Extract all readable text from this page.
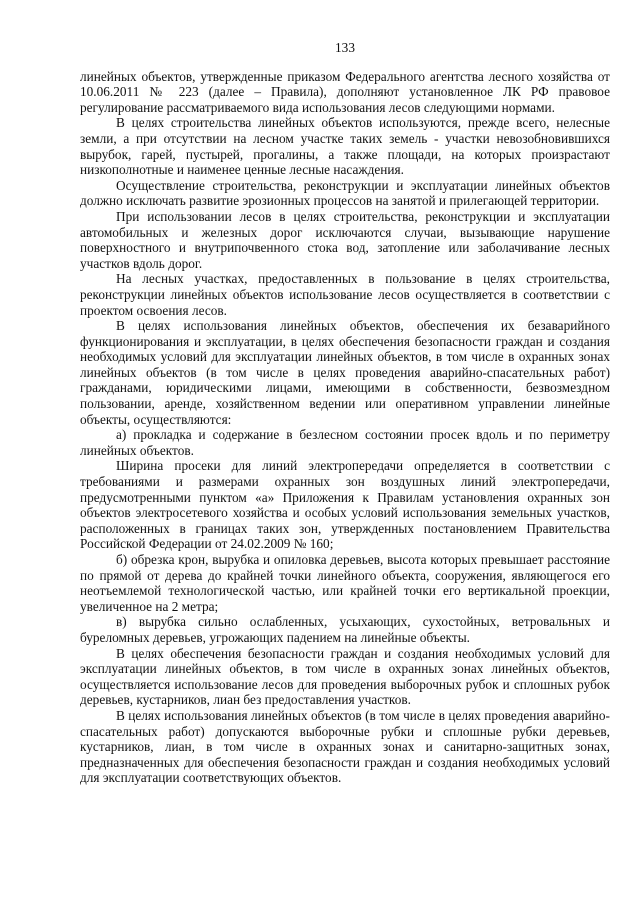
133

линейных объектов, утвержденные приказом Федерального агентства лесного хозяйства от 10.06.2011 № 223 (далее – Правила), дополняют установленное ЛК РФ правовое регулирование рассматриваемого вида использования лесов следующими нормами.

В целях строительства линейных объектов используются, прежде всего, нелесные земли, а при отсутствии на лесном участке таких земель - участки невозобновившихся вырубок, гарей, пустырей, прогалины, а также площади, на которых произрастают низкополнотные и наименее ценные лесные насаждения.

Осуществление строительства, реконструкции и эксплуатации линейных объектов должно исключать развитие эрозионных процессов на занятой и прилегающей территории.

При использовании лесов в целях строительства, реконструкции и эксплуатации автомобильных и железных дорог исключаются случаи, вызывающие нарушение поверхностного и внутрипочвенного стока вод, затопление или заболачивание лесных участков вдоль дорог.

На лесных участках, предоставленных в пользование в целях строительства, реконструкции линейных объектов использование лесов осуществляется в соответствии с проектом освоения лесов.

В целях использования линейных объектов, обеспечения их безаварийного функционирования и эксплуатации, в целях обеспечения безопасности граждан и создания необходимых условий для эксплуатации линейных объектов, в том числе в охранных зонах линейных объектов (в том числе в целях проведения аварийно-спасательных работ) гражданами, юридическими лицами, имеющими в собственности, безвозмездном пользовании, аренде, хозяйственном ведении или оперативном управлении линейные объекты, осуществляются:

а) прокладка и содержание в безлесном состоянии просек вдоль и по периметру линейных объектов.

Ширина просеки для линий электропередачи определяется в соответствии с требованиями и размерами охранных зон воздушных линий электропередачи, предусмотренными пунктом «а» Приложения к Правилам установления охранных зон объектов электросетевого хозяйства и особых условий использования земельных участков, расположенных в границах таких зон, утвержденных постановлением Правительства Российской Федерации от 24.02.2009 № 160;

б) обрезка крон, вырубка и опиловка деревьев, высота которых превышает расстояние по прямой от дерева до крайней точки линейного объекта, сооружения, являющегося его неотъемлемой технологической частью, или крайней точки его вертикальной проекции, увеличенное на 2 метра;

в) вырубка сильно ослабленных, усыхающих, сухостойных, ветровальных и буреломных деревьев, угрожающих падением на линейные объекты.

В целях обеспечения безопасности граждан и создания необходимых условий для эксплуатации линейных объектов, в том числе в охранных зонах линейных объектов, осуществляется использование лесов для проведения выборочных рубок и сплошных рубок деревьев, кустарников, лиан без предоставления участков.

В целях использования линейных объектов (в том числе в целях проведения аварийно-спасательных работ) допускаются выборочные рубки и сплошные рубки деревьев, кустарников, лиан, в том числе в охранных зонах и санитарно-защитных зонах, предназначенных для обеспечения безопасности граждан и создания необходимых условий для эксплуатации соответствующих объектов.
